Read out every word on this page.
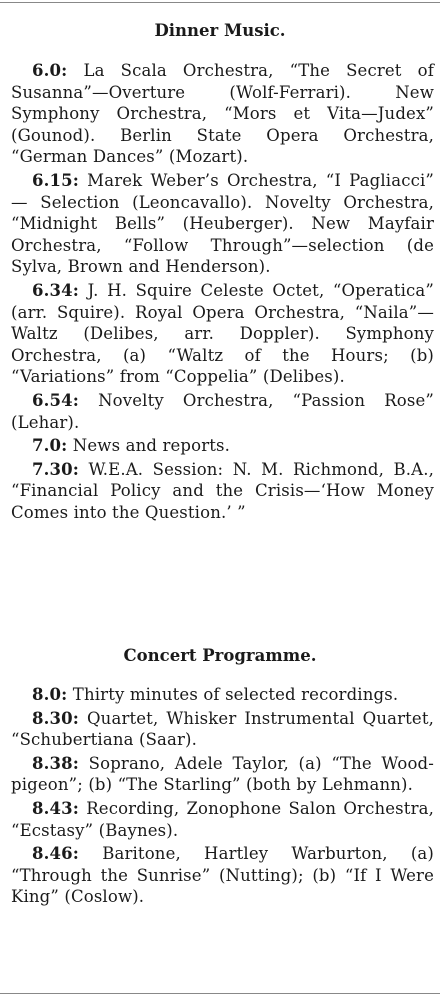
Dinner Music.

6.0: La Scala Orchestra, “The Secret of Susanna”—Overture (Wolf-Ferrari). New Symphony Orchestra, “Mors et Vita—Judex” (Gounod). Berlin State Opera Orchestra, “German Dances” (Mozart).

6.15: Marek Weber’s Orchestra, “I Pagliacci” — Selection (Leoncavallo). Novelty Orchestra, “Midnight Bells” (Heuberger). New Mayfair Orchestra, “Follow Through”—selection (de Sylva, Brown and Henderson).

6.34: J. H. Squire Celeste Octet, “Operatica” (arr. Squire). Royal Opera Orchestra, “Naila”—Waltz (Delibes, arr. Doppler). Symphony Orchestra, (a) “Waltz of the Hours; (b) “Variations” from “Coppelia” (Delibes).

6.54: Novelty Orchestra, “Passion Rose” (Lehar).

7.0: News and reports.

7.30: W.E.A. Session: N. M. Richmond, B.A., “Financial Policy and the Crisis—‘How Money Comes into the Question.’ ”

Concert Programme.

8.0: Thirty minutes of selected recordings.

8.30: Quartet, Whisker Instrumental Quartet, “Schubertiana (Saar).

8.38: Soprano, Adele Taylor, (a) “The Wood-pigeon”; (b) “The Starling” (both by Lehmann).

8.43: Recording, Zonophone Salon Orchestra, “Ecstasy” (Baynes).

8.46: Baritone, Hartley Warburton, (a) “Through the Sunrise” (Nutting); (b) “If I Were King” (Coslow).
